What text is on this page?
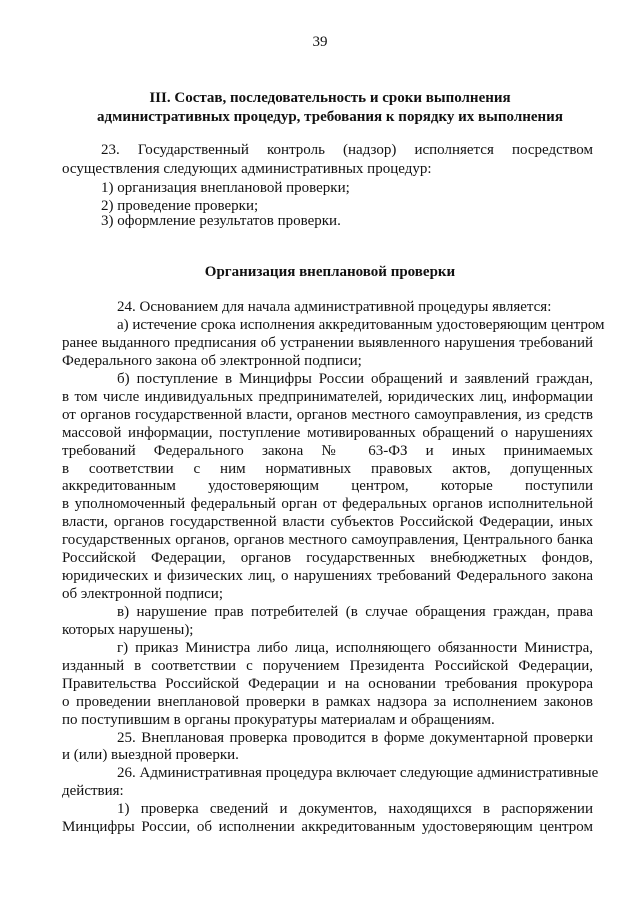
39
III. Состав, последовательность и сроки выполнения
административных процедур, требования к порядку их выполнения
23. Государственный контроль (надзор) исполняется посредством
осуществления следующих административных процедур:
1) организация внеплановой проверки;
2) проведение проверки;
3) оформление результатов проверки.
Организация внеплановой проверки
24. Основанием для начала административной процедуры является:
а) истечение срока исполнения аккредитованным удостоверяющим центром
ранее выданного предписания об устранении выявленного нарушения требований
Федерального закона об электронной подписи;
б) поступление в Минцифры России обращений и заявлений граждан,
в том числе индивидуальных предпринимателей, юридических лиц, информации
от органов государственной власти, органов местного самоуправления, из средств
массовой информации, поступление мотивированных обращений о нарушениях
требований Федерального закона № 63-ФЗ и иных принимаемых
в соответствии с ним нормативных правовых актов, допущенных
аккредитованным удостоверяющим центром, которые поступили
в уполномоченный федеральный орган от федеральных органов исполнительной
власти, органов государственной власти субъектов Российской Федерации, иных
государственных органов, органов местного самоуправления, Центрального банка
Российской Федерации, органов государственных внебюджетных фондов,
юридических и физических лиц, о нарушениях требований Федерального закона
об электронной подписи;
в) нарушение прав потребителей (в случае обращения граждан, права
которых нарушены);
г) приказ Министра либо лица, исполняющего обязанности Министра,
изданный в соответствии с поручением Президента Российской Федерации,
Правительства Российской Федерации и на основании требования прокурора
о проведении внеплановой проверки в рамках надзора за исполнением законов
по поступившим в органы прокуратуры материалам и обращениям.
25. Внеплановая проверка проводится в форме документарной проверки
и (или) выездной проверки.
26. Административная процедура включает следующие административные
действия:
1) проверка сведений и документов, находящихся в распоряжении
Минцифры России, об исполнении аккредитованным удостоверяющим центром
